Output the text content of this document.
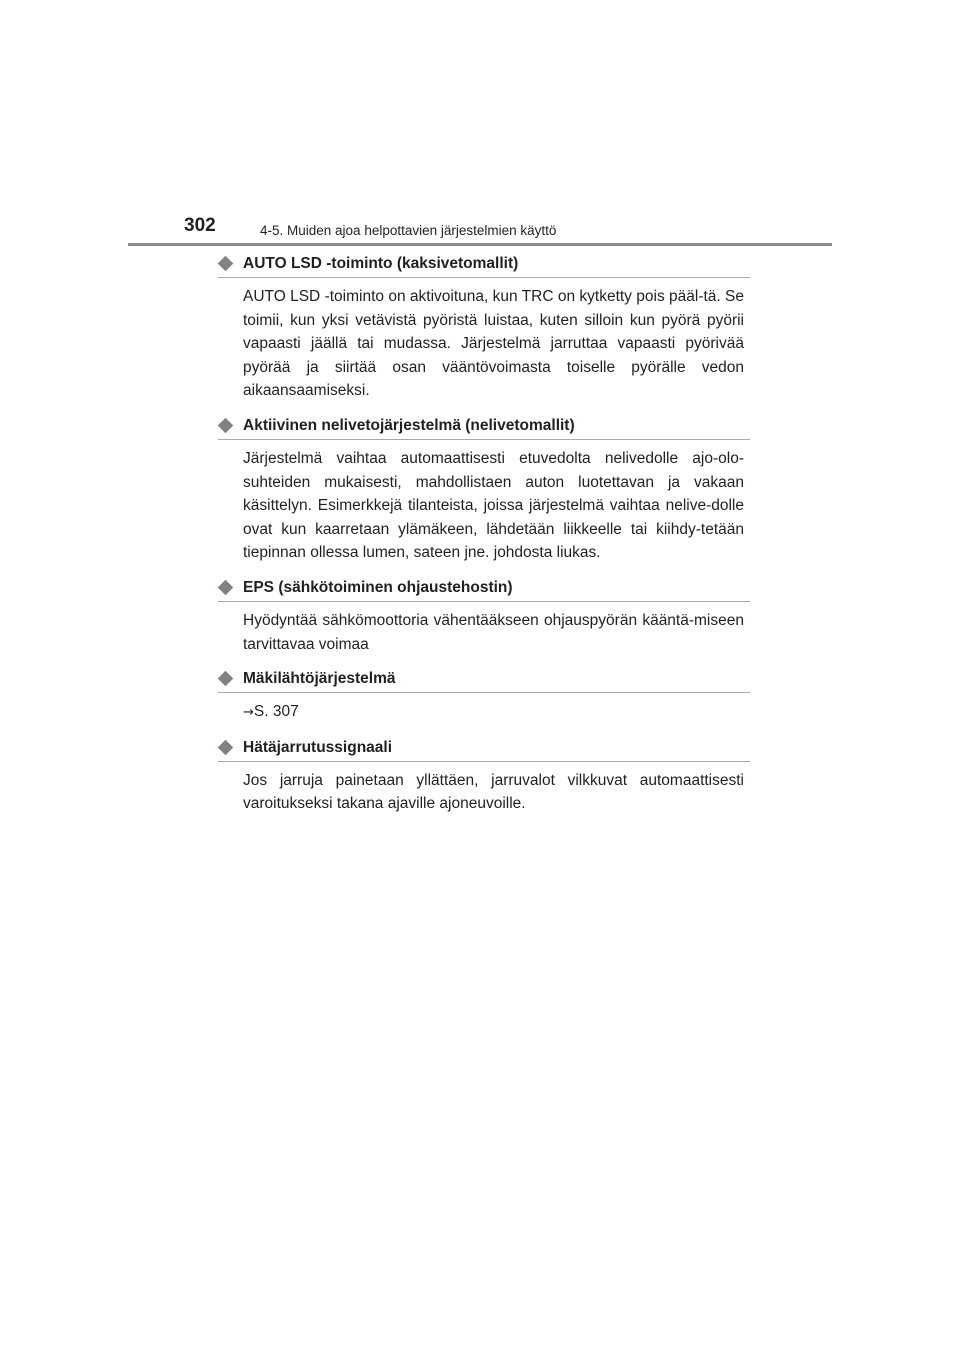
302	4-5. Muiden ajoa helpottavien järjestelmien käyttö
AUTO LSD -toiminto (kaksivetomallit)
AUTO LSD -toiminto on aktivoituna, kun TRC on kytketty pois pääl-tä. Se toimii, kun yksi vetävistä pyöristä luistaa, kuten silloin kun pyörä pyörii vapaasti jäällä tai mudassa. Järjestelmä jarruttaa vapaasti pyörivää pyörää ja siirtää osan vääntövoimasta toiselle pyörälle vedon aikaansaamiseksi.
Aktiivinen nelivetojärjestelmä (nelivetomallit)
Järjestelmä vaihtaa automaattisesti etuvedolta nelivedolle ajo-olo-suhteiden mukaisesti, mahdollistaen auton luotettavan ja vakaan käsittelyn. Esimerkkejä tilanteista, joissa järjestelmä vaihtaa nelive-dolle ovat kun kaarretaan ylämäkeen, lähdetään liikkeelle tai kiihdy-tetään tiepinnan ollessa lumen, sateen jne. johdosta liukas.
EPS (sähkötoiminen ohjaustehostin)
Hyödyntää sähkömoottoria vähentääkseen ohjauspyörän kääntä-miseen tarvittavaa voimaa
Mäkilähtöjärjestelmä
→S. 307
Hätäjarrutussignaali
Jos jarruja painetaan yllättäen, jarruvalot vilkkuvat automaattisesti varoitukseksi takana ajaville ajoneuvoille.
